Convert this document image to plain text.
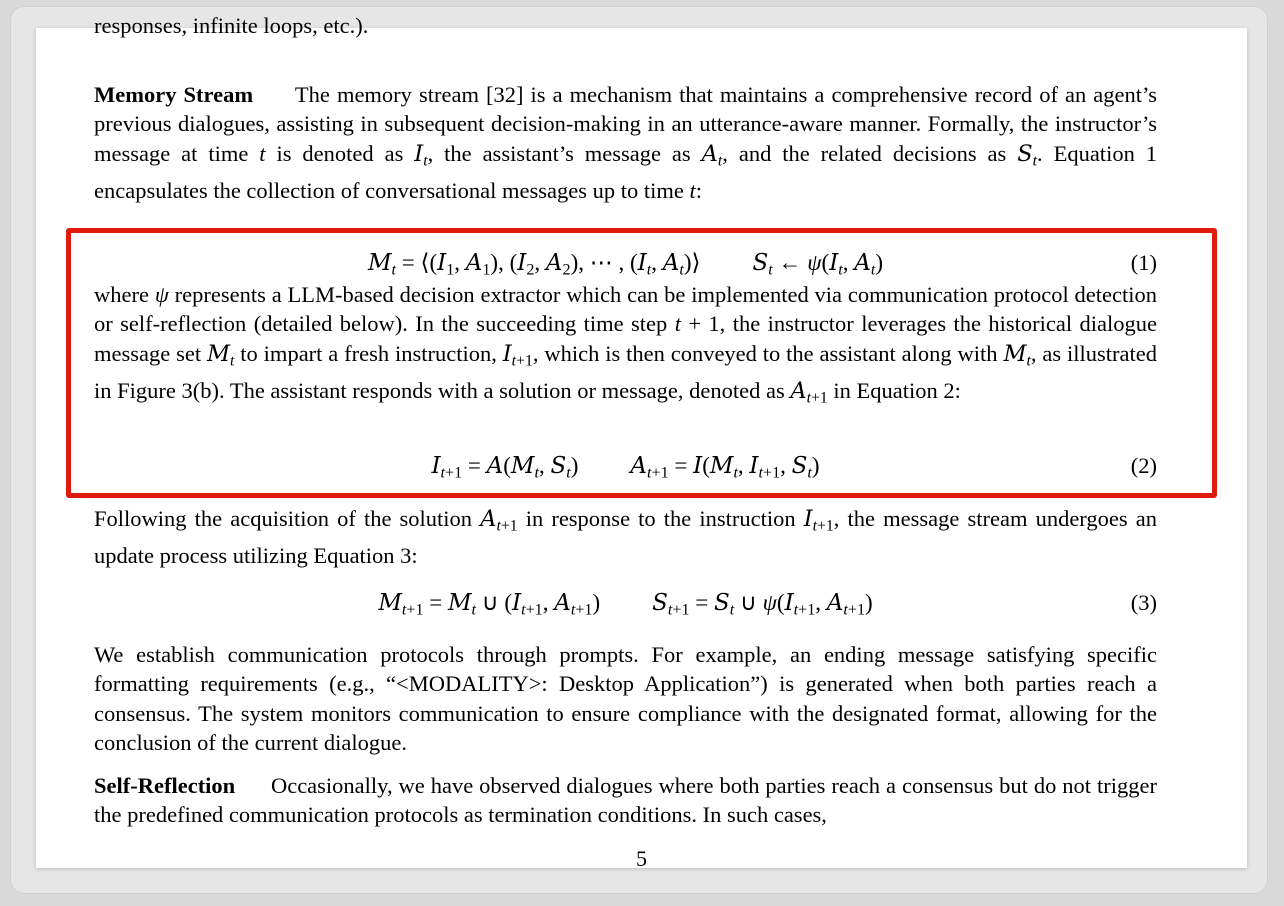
responses, infinite loops, etc.).

Memory Stream The memory stream [32] is a mechanism that maintains a comprehensive record of an agent’s previous dialogues, assisting in subsequent decision-making in an utterance-aware manner. Formally, the instructor’s message at time t is denoted as $I_t$, the assistant’s message as $A_t$, and the related decisions as $S_t$. Equation 1 encapsulates the collection of conversational messages up to time t:

$M_t$ = $⟨(I_1$, $A_1$), ($I_2$, $A_2$), ⋯ , ($I_t$, $A_t)⟩$ $S_t$ ← $\psi(I_t$, $A_t$)	(1)

where ψ represents a LLM-based decision extractor which can be implemented via communication protocol detection or self-reflection (detailed below). In the succeeding time step t + 1, the instructor leverages the historical dialogue message set $M_t$ to impart a fresh instruction, $I_{t+1}$, which is then conveyed to the assistant along with $M_t$, as illustrated in Figure 3(b). The assistant responds with a solution or message, denoted as $A_{t+1}$ in Equation 2:

$I_{t+1} = A(M_t$, $S_t$) $A_{t+1} = I(M_t$, $I_{t+1}$, $S_t$)	(2)

Following the acquisition of the solution $A_{t+1}$ in response to the instruction $I_{t+1}$, the message stream undergoes an update process utilizing Equation 3:

$M_{t+1} = M_t$ ∪ ($I_{t+1}$, $A_{t+1}$) $S_{t+1} = S_t$ ∪ $\psi(I_{t+1}$, $A_{t+1}$)	(3)

We establish communication protocols through prompts. For example, an ending message satisfying specific formatting requirements (e.g., “<MODALITY>: Desktop Application”) is generated when both parties reach a consensus. The system monitors communication to ensure compliance with the designated format, allowing for the conclusion of the current dialogue.

Self-Reflection Occasionally, we have observed dialogues where both parties reach a consensus but do not trigger the predefined communication protocols as termination conditions. In such cases,

5
